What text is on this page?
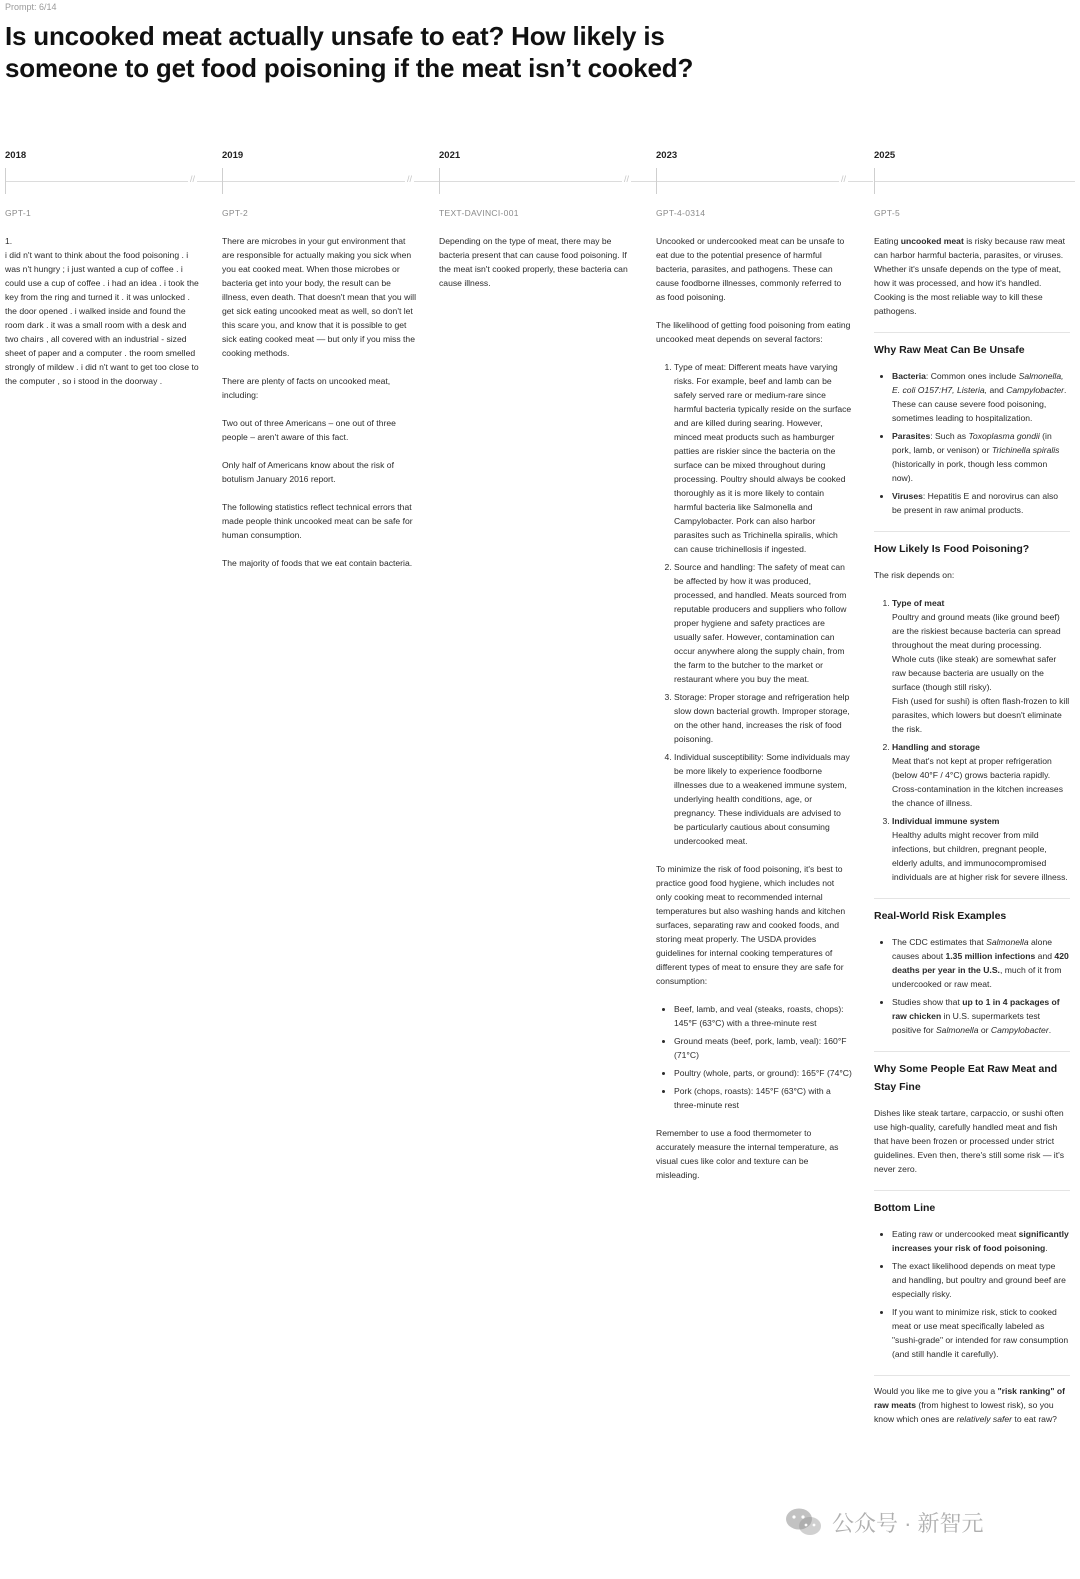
Prompt: 6/14
Is uncooked meat actually unsafe to eat? How likely is someone to get food poisoning if the meat isn’t cooked?
2018
//
GPT-1

1.

i did n't want to think about the food poisoning . i was n't hungry ; i just wanted a cup of coffee . i could use a cup of coffee . i had an idea . i took the key from the ring and turned it . it was unlocked . the door opened . i walked inside and found the room dark . it was a small room with a desk and two chairs , all covered with an industrial - sized sheet of paper and a computer . the room smelled strongly of mildew . i did n't want to get too close to the computer , so i stood in the doorway .

2019
//
GPT-2

There are microbes in your gut environment that are responsible for actually making you sick when you eat cooked meat. When those microbes or bacteria get into your body, the result can be illness, even death. That doesn't mean that you will get sick eating uncooked meat as well, so don't let this scare you, and know that it is possible to get sick eating cooked meat — but only if you miss the cooking methods.

There are plenty of facts on uncooked meat, including:

Two out of three Americans – one out of three people – aren't aware of this fact.

Only half of Americans know about the risk of botulism January 2016 report.

The following statistics reflect technical errors that made people think uncooked meat can be safe for human consumption.

The majority of foods that we eat contain bacteria.

2021
//
TEXT-DAVINCI-001

Depending on the type of meat, there may be bacteria present that can cause food poisoning. If the meat isn't cooked properly, these bacteria can cause illness.

2023
//
GPT-4-0314

Uncooked or undercooked meat can be unsafe to eat due to the potential presence of harmful bacteria, parasites, and pathogens. These can cause foodborne illnesses, commonly referred to as food poisoning.

The likelihood of getting food poisoning from eating uncooked meat depends on several factors:

1. Type of meat: Different meats have varying risks. For example, beef and lamb can be safely served rare or medium-rare since harmful bacteria typically reside on the surface and are killed during searing. However, minced meat products such as hamburger patties are riskier since the bacteria on the surface can be mixed throughout during processing. Poultry should always be cooked thoroughly as it is more likely to contain harmful bacteria like Salmonella and Campylobacter. Pork can also harbor parasites such as Trichinella spiralis, which can cause trichinellosis if ingested.
2. Source and handling: The safety of meat can be affected by how it was produced, processed, and handled. Meats sourced from reputable producers and suppliers who follow proper hygiene and safety practices are usually safer. However, contamination can occur anywhere along the supply chain, from the farm to the butcher to the market or restaurant where you buy the meat.
3. Storage: Proper storage and refrigeration help slow down bacterial growth. Improper storage, on the other hand, increases the risk of food poisoning.
4. Individual susceptibility: Some individuals may be more likely to experience foodborne illnesses due to a weakened immune system, underlying health conditions, age, or pregnancy. These individuals are advised to be particularly cautious about consuming undercooked meat.

To minimize the risk of food poisoning, it's best to practice good food hygiene, which includes not only cooking meat to recommended internal temperatures but also washing hands and kitchen surfaces, separating raw and cooked foods, and storing meat properly. The USDA provides guidelines for internal cooking temperatures of different types of meat to ensure they are safe for consumption:

• Beef, lamb, and veal (steaks, roasts, chops): 145°F (63°C) with a three-minute rest
• Ground meats (beef, pork, lamb, veal): 160°F (71°C)
• Poultry (whole, parts, or ground): 165°F (74°C)
• Pork (chops, roasts): 145°F (63°C) with a three-minute rest

Remember to use a food thermometer to accurately measure the internal temperature, as visual cues like color and texture can be misleading.

2025
GPT-5

Eating uncooked meat is risky because raw meat can harbor harmful bacteria, parasites, or viruses. Whether it's unsafe depends on the type of meat, how it was processed, and how it's handled. Cooking is the most reliable way to kill these pathogens.

Why Raw Meat Can Be Unsafe
• Bacteria: Common ones include Salmonella, E. coli O157:H7, Listeria, and Campylobacter. These can cause severe food poisoning, sometimes leading to hospitalization.
• Parasites: Such as Toxoplasma gondii (in pork, lamb, or venison) or Trichinella spiralis (historically in pork, though less common now).
• Viruses: Hepatitis E and norovirus can also be present in raw animal products.
How Likely Is Food Poisoning?

The risk depends on:

1. Type of meat
Poultry and ground meats (like ground beef) are the riskiest because bacteria can spread throughout the meat during processing.
Whole cuts (like steak) are somewhat safer raw because bacteria are usually on the surface (though still risky).
Fish (used for sushi) is often flash-frozen to kill parasites, which lowers but doesn't eliminate the risk.
2. Handling and storage
Meat that's not kept at proper refrigeration (below 40°F / 4°C) grows bacteria rapidly.
Cross-contamination in the kitchen increases the chance of illness.
3. Individual immune system
Healthy adults might recover from mild infections, but children, pregnant people, elderly adults, and immunocompromised individuals are at higher risk for severe illness.
Real-World Risk Examples
• The CDC estimates that Salmonella alone causes about 1.35 million infections and 420 deaths per year in the U.S., much of it from undercooked or raw meat.
• Studies show that up to 1 in 4 packages of raw chicken in U.S. supermarkets test positive for Salmonella or Campylobacter.
Why Some People Eat Raw Meat and Stay Fine

Dishes like steak tartare, carpaccio, or sushi often use high-quality, carefully handled meat and fish that have been frozen or processed under strict guidelines. Even then, there's still some risk — it's never zero.

Bottom Line
• Eating raw or undercooked meat significantly increases your risk of food poisoning.
• The exact likelihood depends on meat type and handling, but poultry and ground beef are especially risky.
• If you want to minimize risk, stick to cooked meat or use meat specifically labeled as "sushi-grade" or intended for raw consumption (and still handle it carefully).

Would you like me to give you a "risk ranking" of raw meats (from highest to lowest risk), so you know which ones are relatively safer to eat raw?

公众号 · 新智元
